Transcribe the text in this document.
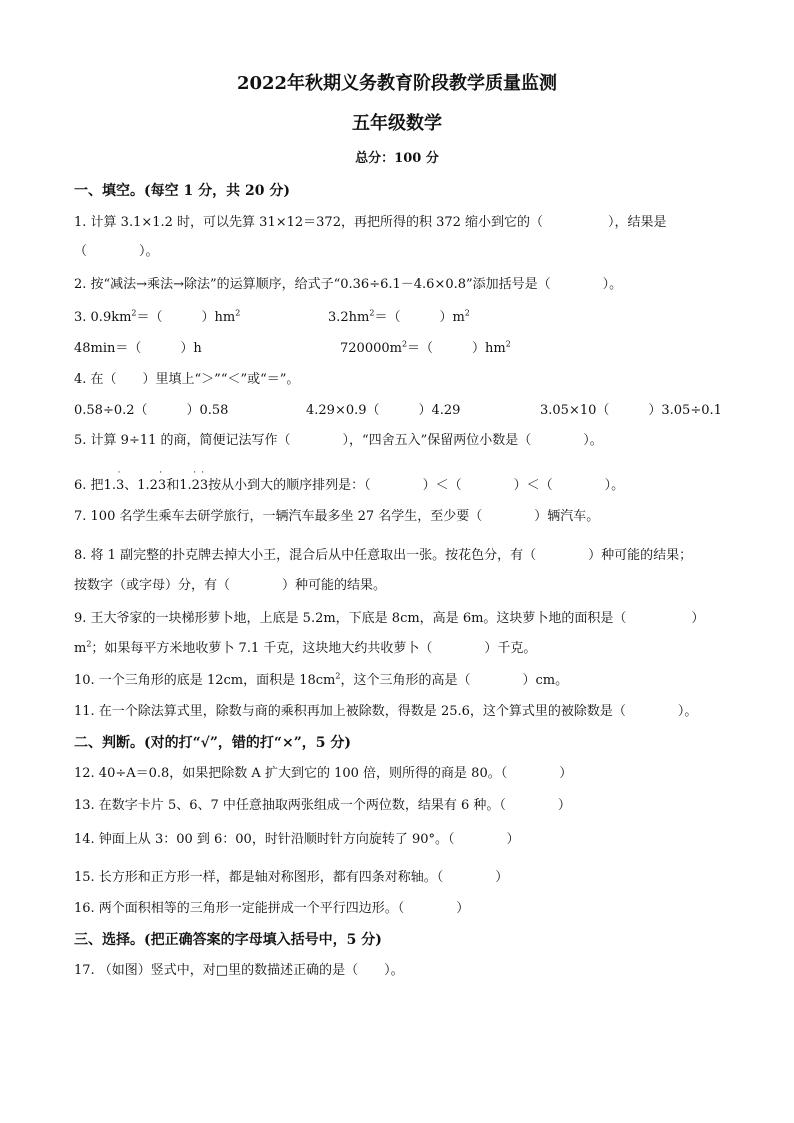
2022年秋期义务教育阶段教学质量监测
五年级数学
总分：100 分
一、填空。(每空 1 分，共 20 分)
1. 计算 3.1×1.2 时，可以先算 31×12＝372，再把所得的积 372 缩小到它的（　　　　　），结果是
（　　　　）。
2. 按“减法→乘法→除法”的运算顺序，给式子“0.36÷6.1－4.6×0.8”添加括号是（　　　　）。
3. $0.9km^2=$（　　　）$hm^2$	$3.2hm^2=$（　　　）$m^2$
48min＝（　　　）h	$720000m^2=$（　　　）$hm^2$
4. 在（　　）里填上“＞”“＜”或“＝”。
0.58÷0.2（　　　）0.58	4.29×0.9（　　　）4.29	3.05×10（　　　）3.05÷0.1
5. 计算 9÷11 的商，简便记法写作（　　　　），“四舍五入”保留两位小数是（　　　　）。
6. 把1.3
·
、1.23
·
和1.23
· ·
按从小到大的顺序排列是：（　　　　）＜（　　　　）＜（　　　　）。
7. 100 名学生乘车去研学旅行，一辆汽车最多坐 27 名学生，至少要（　　　　）辆汽车。
8. 将 1 副完整的扑克牌去掉大小王，混合后从中任意取出一张。按花色分，有（　　　　）种可能的结果；
按数字（或字母）分，有（　　　　）种可能的结果。
9. 王大爷家的一块梯形萝卜地，上底是 5.2m，下底是 8cm，高是 6m。这块萝卜地的面积是（　　　　　）
$m^2$；如果每平方米地收萝卜 7.1 千克，这块地大约共收萝卜（　　　　）千克。
10. 一个三角形的底是 12cm，面积是 $18cm^2$，这个三角形的高是（　　　　）cm。
11. 在一个除法算式里，除数与商的乘积再加上被除数，得数是 25.6，这个算式里的被除数是（　　　　）。
二、判断。(对的打“√”，错的打“×”，5 分)
12. 40÷A＝0.8，如果把除数 A 扩大到它的 100 倍，则所得的商是 80。（　　　　）
13. 在数字卡片 5、6、7 中任意抽取两张组成一个两位数，结果有 6 种。（　　　　）
14. 钟面上从 3：00 到 6：00，时针沿顺时针方向旋转了 90°。（　　　　）
15. 长方形和正方形一样，都是轴对称图形，都有四条对称轴。（　　　　）
16. 两个面积相等的三角形一定能拼成一个平行四边形。（　　　　）
三、选择。(把正确答案的字母填入括号中，5 分)
17. （如图）竖式中，对□里的数描述正确的是（　　）。
